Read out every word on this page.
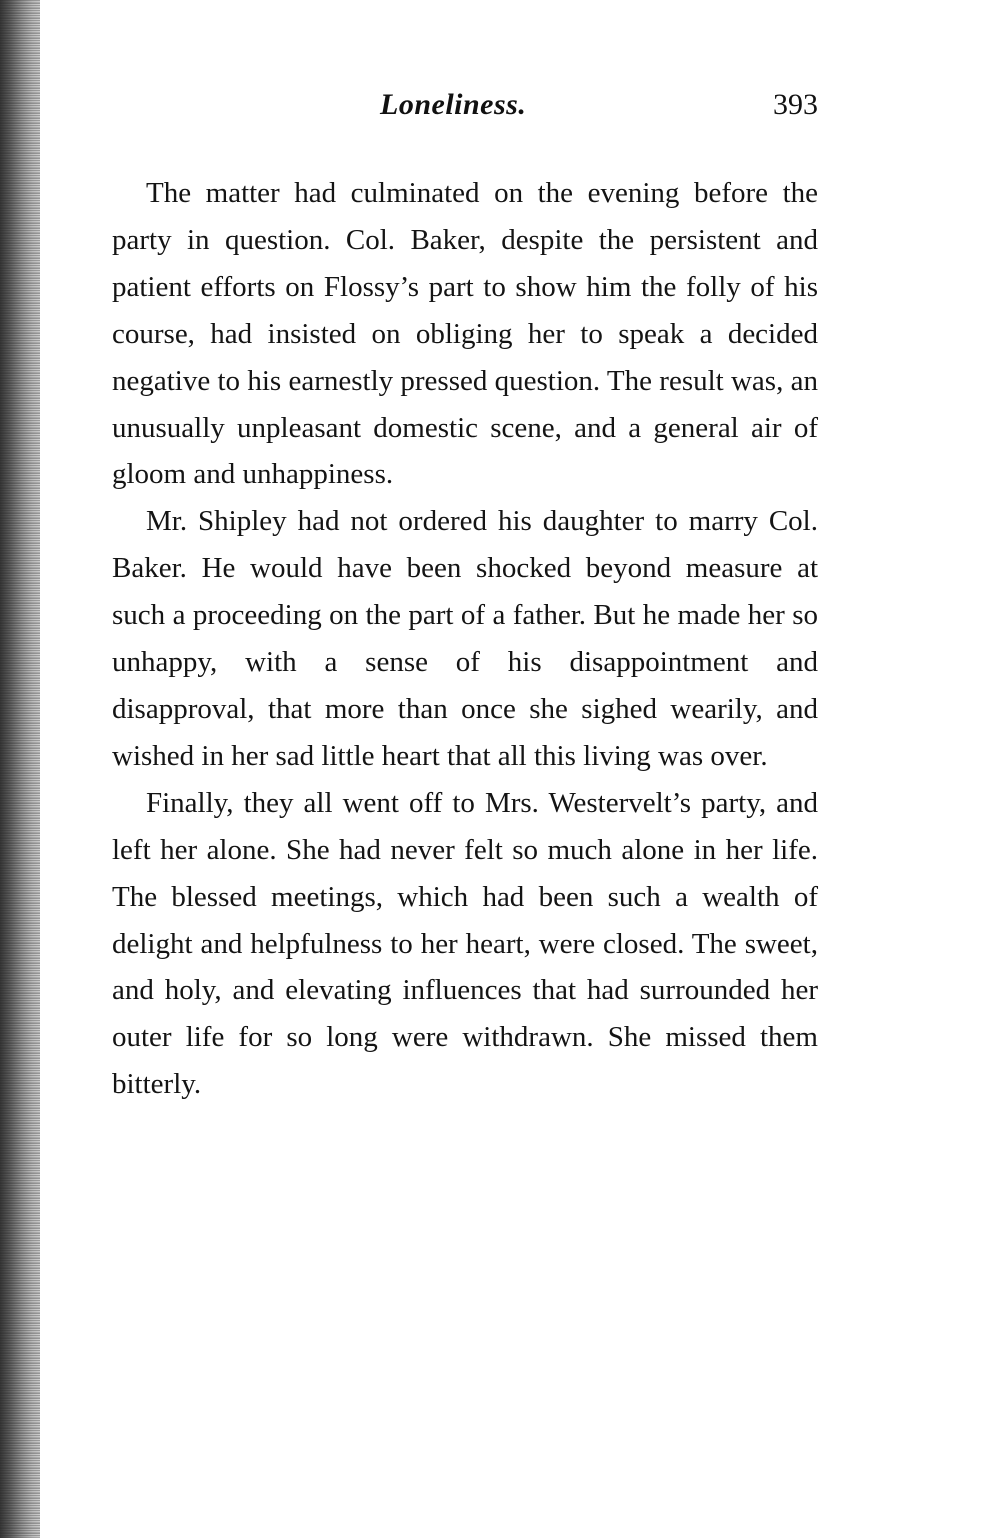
Loneliness.	393

The matter had culminated on the evening before the party in question. Col. Baker, despite the persistent and patient efforts on Flossy’s part to show him the folly of his course, had insisted on obliging her to speak a decided negative to his earnestly pressed question. The result was, an unusually unpleasant domestic scene, and a general air of gloom and unhappiness.

Mr. Shipley had not ordered his daughter to marry Col. Baker. He would have been shocked beyond measure at such a proceeding on the part of a father. But he made her so unhappy, with a sense of his disappointment and disapproval, that more than once she sighed wearily, and wished in her sad little heart that all this living was over.

Finally, they all went off to Mrs. Westervelt’s party, and left her alone. She had never felt so much alone in her life. The blessed meetings, which had been such a wealth of delight and helpfulness to her heart, were closed. The sweet, and holy, and elevating influences that had surrounded her outer life for so long were withdrawn. She missed them bitterly.
